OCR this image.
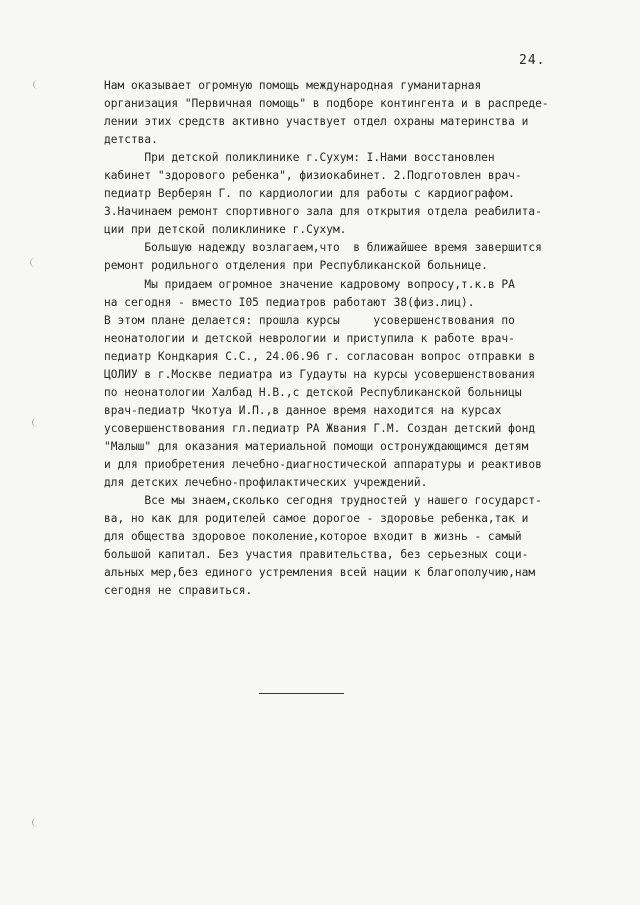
24.
Нам оказывает огромную помощь международная гуманитарная
организация "Первичная помощь" в подборе контингента и в распреде-
лении этих средств активно участвует отдел охраны материнства и
детства.
При детской поликлинике г.Сухум: I.Нами восстановлен
кабинет "здорового ребенка", физиокабинет. 2.Подготовлен врач-
педиатр Верберян Г. по кардиологии для работы с кардиографом.
3.Начинаем ремонт спортивного зала для открытия отдела реабилита-
ции при детской поликлинике г.Сухум.
Большую надежду возлагаем,что  в ближайшее время завершится
ремонт родильного отделения при Республиканской больнице.
Мы придаем огромное значение кадровому вопросу,т.к.в РА
на сегодня - вместо I05 педиатров работают 38(физ.лиц).
В этом плане делается: прошла курсы     усовершенствования по
неонатологии и детской неврологии и приступила к работе врач-
педиатр Кондкария С.С., 24.06.96 г. согласован вопрос отправки в
ЦОЛИУ в г.Москве педиатра из Гудауты на курсы усовершенствования
по неонатологии Халбад Н.В.,с детской Республиканской больницы
врач-педиатр Чкотуа И.П.,в данное время находится на курсах
усовершенствования гл.педиатр РА Жвания Г.М. Создан детский фонд
"Малыш" для оказания материальной помощи остронуждающимся детям
и для приобретения лечебно-диагностической аппаратуры и реактивов
для детских лечебно-профилактических учреждений.
Все мы знаем,сколько сегодня трудностей у нашего государст-
ва, но как для родителей самое дорогое - здоровье ребенка,так и
для общества здоровое поколение,которое входит в жизнь - самый
большой капитал. Без участия правительства, без серьезных соци-
альных мер,без единого устремления всей нации к благополучию,нам
сегодня не справиться.
